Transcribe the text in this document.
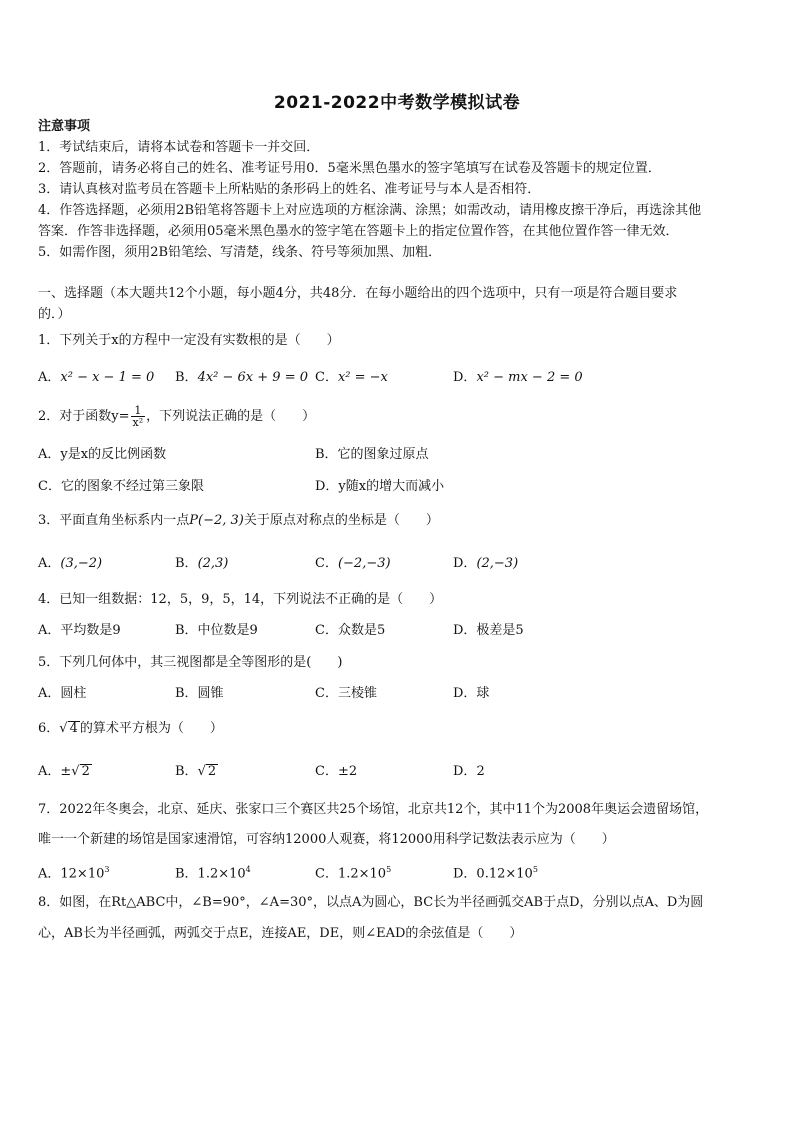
2021-2022中考数学模拟试卷
注意事项
1．考试结束后，请将本试卷和答题卡一并交回．
2．答题前，请务必将自己的姓名、准考证号用0．5毫米黑色墨水的签字笔填写在试卷及答题卡的规定位置．
3．请认真核对监考员在答题卡上所粘贴的条形码上的姓名、准考证号与本人是否相符．
4．作答选择题，必须用2B铅笔将答题卡上对应选项的方框涂满、涂黑；如需改动，请用橡皮擦干净后，再选涂其他
答案．作答非选择题，必须用05毫米黑色墨水的签字笔在答题卡上的指定位置作答，在其他位置作答一律无效．
5．如需作图，须用2B铅笔绘、写清楚，线条、符号等须加黑、加粗．
一、选择题（本大题共12个小题，每小题4分，共48分．在每小题给出的四个选项中，只有一项是符合题目要求
的．）
1．下列关于x的方程中一定没有实数根的是（　　）
A．x² − x − 1 = 0 B．4x² − 6x + 9 = 0 C．x² = −x	D．x² − mx − 2 = 0
2．对于函数$y= \frac{1}{\text{x²}}$ ，下列说法正确的是（　　）
A．y是x的反比例函数	B．它的图象过原点
C．它的图象不经过第三象限	D．y随x的增大而减小
3．平面直角坐标系内一点P(−2, 3)关于原点对称点的坐标是（　　）
A．(3,−2)	B．(2,3)	C．(−2,−3)	D．(2,−3)
4．已知一组数据：12，5，9，5，14，下列说法不正确的是（　　）
A．平均数是9	B．中位数是9	C．众数是5	D．极差是5
5．下列几何体中，其三视图都是全等图形的是(　　)
A．圆柱	B．圆锥	C．三棱锥	D．球
6．√ 4 的算术平方根为（　　）
A．±√ 2	B．√ 2	C．±2	D．2
7．2022年冬奥会，北京、延庆、张家口三个赛区共25个场馆，北京共12个，其中11个为2008年奥运会遗留场馆，
唯一一个新建的场馆是国家速滑馆，可容纳12000人观赛，将12000用科学记数法表示应为（　　）
A．$12\times 10^3$	B．$1.2\times 10^4$	C．$1.2\times 10^5$	D．$0.12\times 10^5$
8．如图，在Rt△ABC中，∠B=90°，∠A=30°，以点A为圆心，BC长为半径画弧交AB于点D，分别以点A、D为圆
心，AB长为半径画弧，两弧交于点E，连接AE，DE，则∠EAD的余弦值是（　　）
